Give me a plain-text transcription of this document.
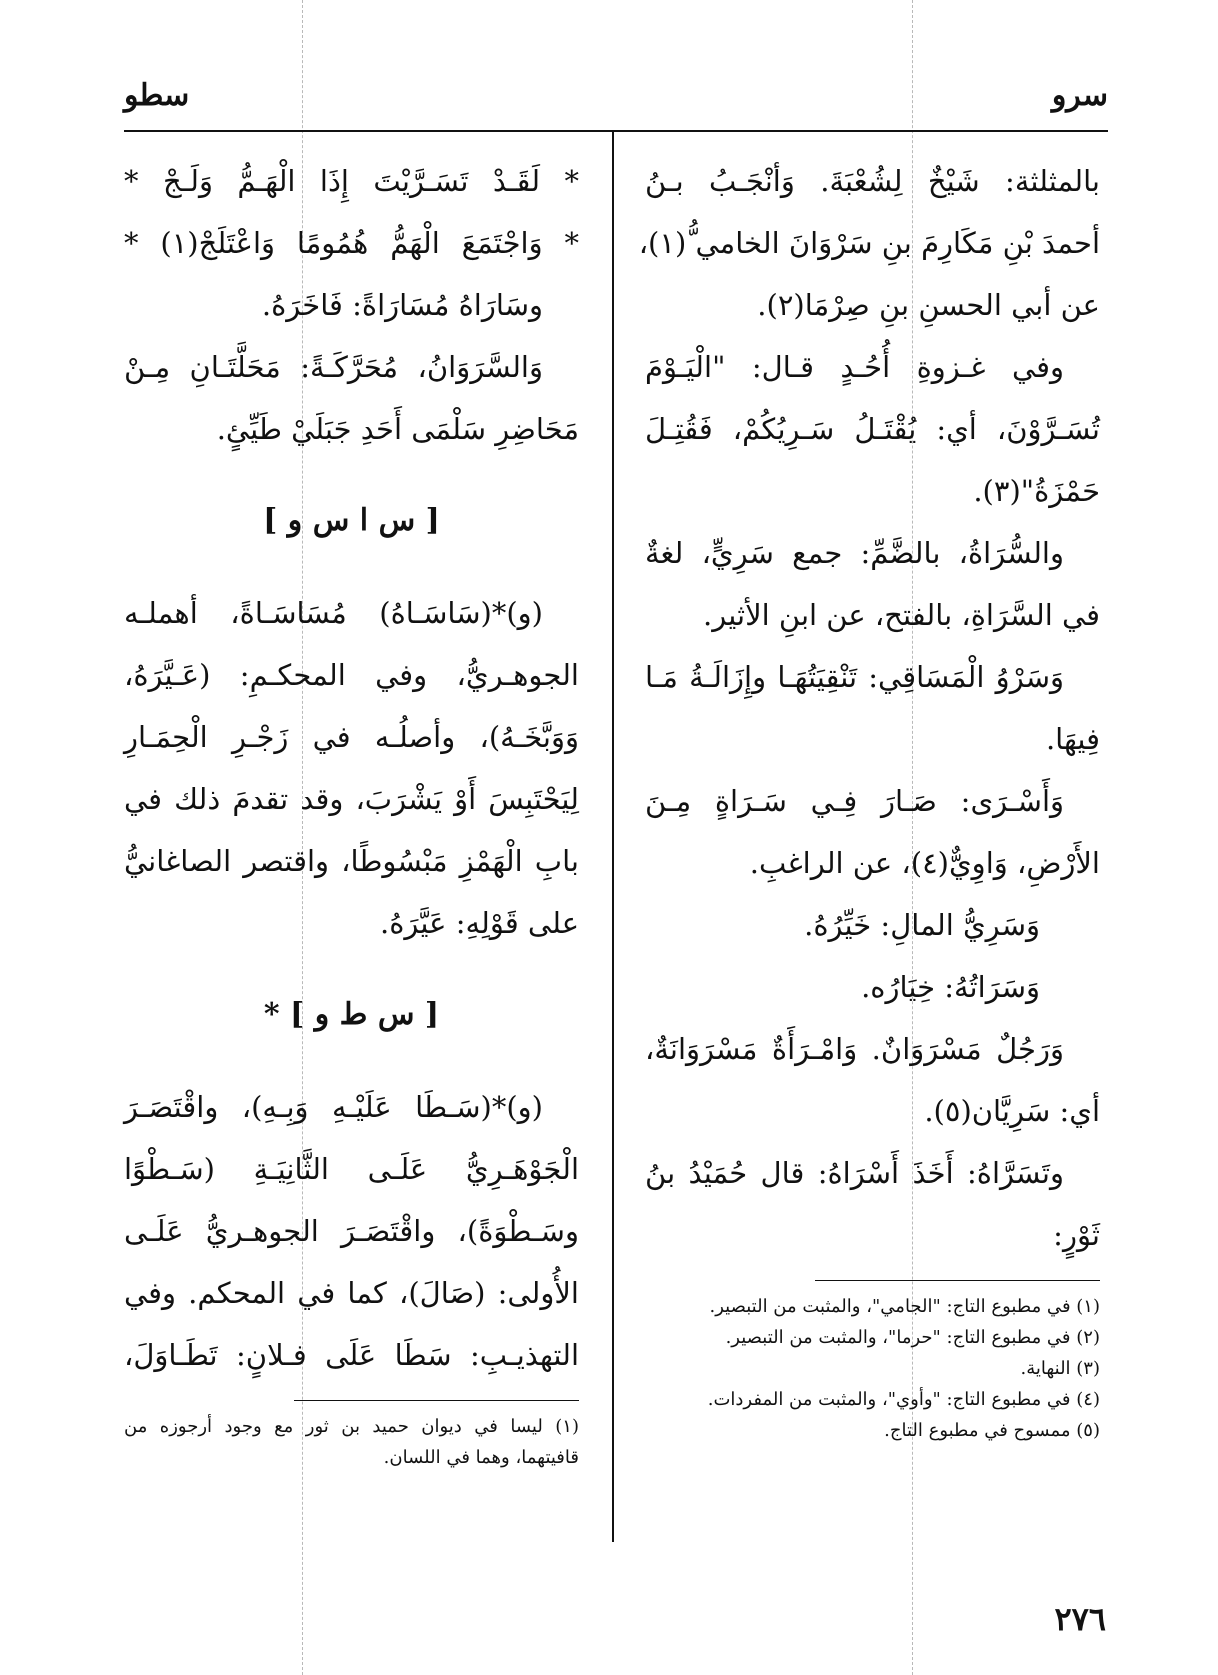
سرو
سطو
بالمثلثة: شَيْخٌ لِشُعْبَةَ. وَأنْجَـبُ بـنُ
أحمدَ بْنِ مَكَارِمَ بنِ سَرْوَانَ الخامي ُّ(١)،
عن أبي الحسنِ بنِ صِرْمَا(٢).
وفي غـزوةِ أُحُـدٍ قـال: "الْيَـوْمَ
تُسَـرَّوْنَ، أي: يُقْتَـلُ سَـرِيُكُمْ، فَقُتِـلَ
حَمْزَةُ"(٣).
والسُّرَاةُ، بالضَّمِّ: جمع سَرِيٍّ، لغةٌ
في السَّرَاةِ، بالفتح، عن ابنِ الأثير.
وَسَرْوُ الْمَسَاقِي: تَنْقِيَتُهَـا وإِزَالَـةُ مَـا
فِيهَا.
وَأَسْـرَى: صَـارَ فِـي سَـرَاةٍ مِـنَ
الأَرْضِ، وَاوِيٌّ(٤)، عن الراغبِ.
وَسَرِيُّ المالِ: خَيِّرُهُ.
وَسَرَاتُهُ: خِيَارُه.
وَرَجُلٌ مَسْرَوَانٌ. وَامْـرَأَةٌ مَسْرَوَانَةٌ،
أي: سَرِيَّان(٥).
وتَسَرَّاهُ: أَخَذَ أَسْرَاهُ: قال حُمَيْدُ بنُ
ثَوْرٍ:
(١) في مطبوع التاج: "الجامي"، والمثبت من التبصير.
(٢) في مطبوع التاج: "حرما"، والمثبت من التبصير.
(٣) النهاية.
(٤) في مطبوع التاج: "وأوي"، والمثبت من المفردات.
(٥) ممسوح في مطبوع التاج.
* لَقَـدْ تَسَـرَّيْتَ إِذَا الْهَـمُّ وَلَـجْ *
* وَاجْتَمَعَ الْهَمُّ هُمُومًا وَاعْتَلَجْ(١) *
وسَارَاهُ مُسَارَاةً: فَاخَرَهُ.
وَالسَّرَوَانُ، مُحَرَّكَـةً: مَحَلَّتَـانِ مِـنْ
مَحَاضِرِ سَلْمَى أَحَدِ جَبَلَيْ طَيِّئٍ.
[ س ا س و ]
(و)*(سَاسَـاهُ) مُسَاسَـاةً، أهملـه
الجوهـريُّ، وفي المحكـمِ: (عَـيَّرَهُ،
وَوَبَّخَـهُ)، وأصلُـه في زَجْـرِ الْحِمَـارِ
لِيَحْتَبِسَ أَوْ يَشْرَبَ، وقد تقدمَ ذلك في
بابِ الْهَمْزِ مَبْسُوطًا، واقتصر الصاغانيُّ
على قَوْلِهِ: عَيَّرَهُ.
[ س ط و ] *
(و)*(سَـطَا عَلَيْـهِ وَبِـهِ)، واقْتَصَـرَ
الْجَوْهَـرِيُّ عَلَـى الثَّانِيَـةِ (سَـطْوًا
وسَـطْوَةً)، واقْتَصَـرَ الجوهـريُّ عَلَـى
الأُولى: (صَالَ)، كما في المحكم. وفي
التهذيـبِ: سَطَا عَلَى فـلانٍ: تَطَـاوَلَ،
(١) ليسا في ديوان حميد بن ثور مع وجود أرجوزه من قافيتهما، وهما في اللسان.
٢٧٦
